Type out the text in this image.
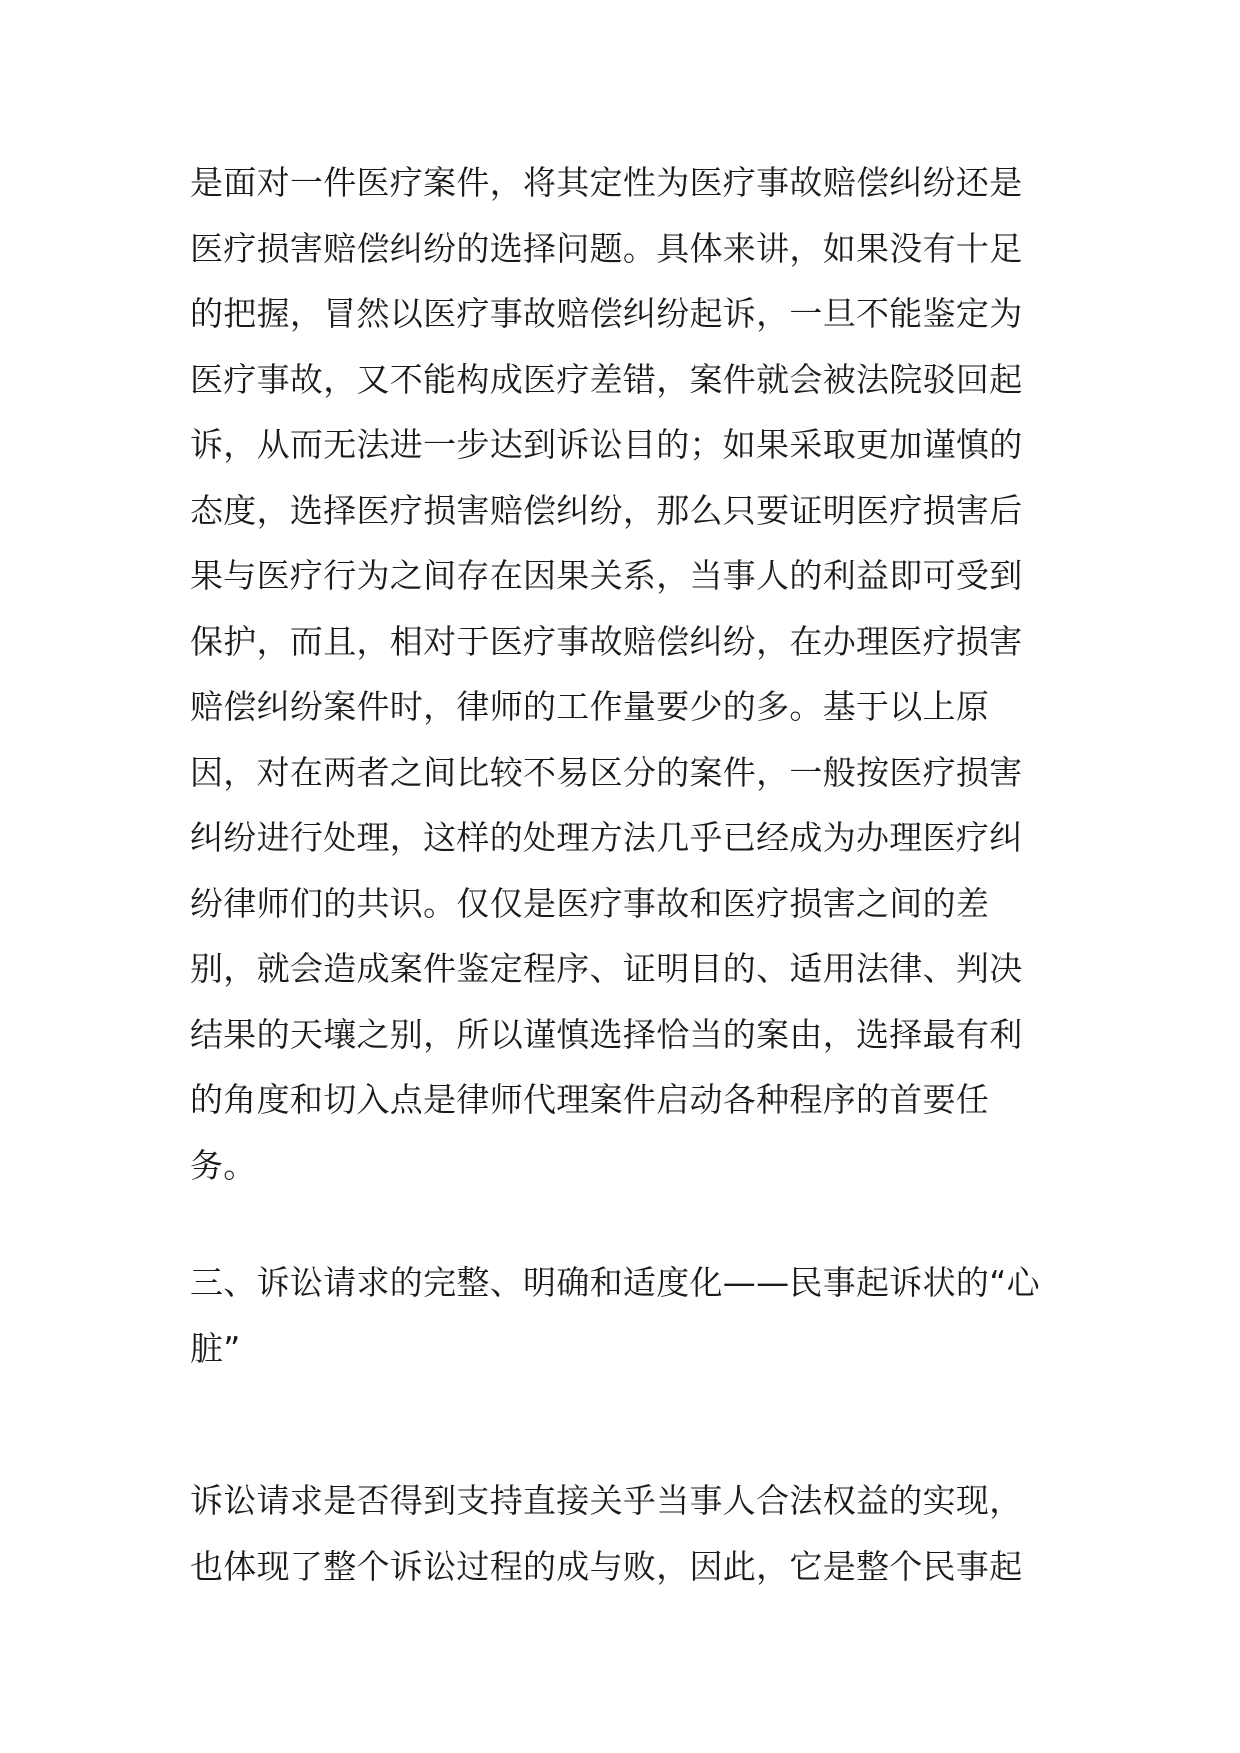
是面对一件医疗案件，将其定性为医疗事故赔偿纠纷还是
医疗损害赔偿纠纷的选择问题。具体来讲，如果没有十足
的把握，冒然以医疗事故赔偿纠纷起诉，一旦不能鉴定为
医疗事故，又不能构成医疗差错，案件就会被法院驳回起
诉，从而无法进一步达到诉讼目的；如果采取更加谨慎的
态度，选择医疗损害赔偿纠纷，那么只要证明医疗损害后
果与医疗行为之间存在因果关系，当事人的利益即可受到
保护，而且，相对于医疗事故赔偿纠纷，在办理医疗损害
赔偿纠纷案件时，律师的工作量要少的多。基于以上原
因，对在两者之间比较不易区分的案件，一般按医疗损害
纠纷进行处理，这样的处理方法几乎已经成为办理医疗纠
纷律师们的共识。仅仅是医疗事故和医疗损害之间的差
别，就会造成案件鉴定程序、证明目的、适用法律、判决
结果的天壤之别，所以谨慎选择恰当的案由，选择最有利
的角度和切入点是律师代理案件启动各种程序的首要任
务。
三、诉讼请求的完整、明确和适度化——民事起诉状的“心
脏”
诉讼请求是否得到支持直接关乎当事人合法权益的实现，
也体现了整个诉讼过程的成与败，因此，它是整个民事起
